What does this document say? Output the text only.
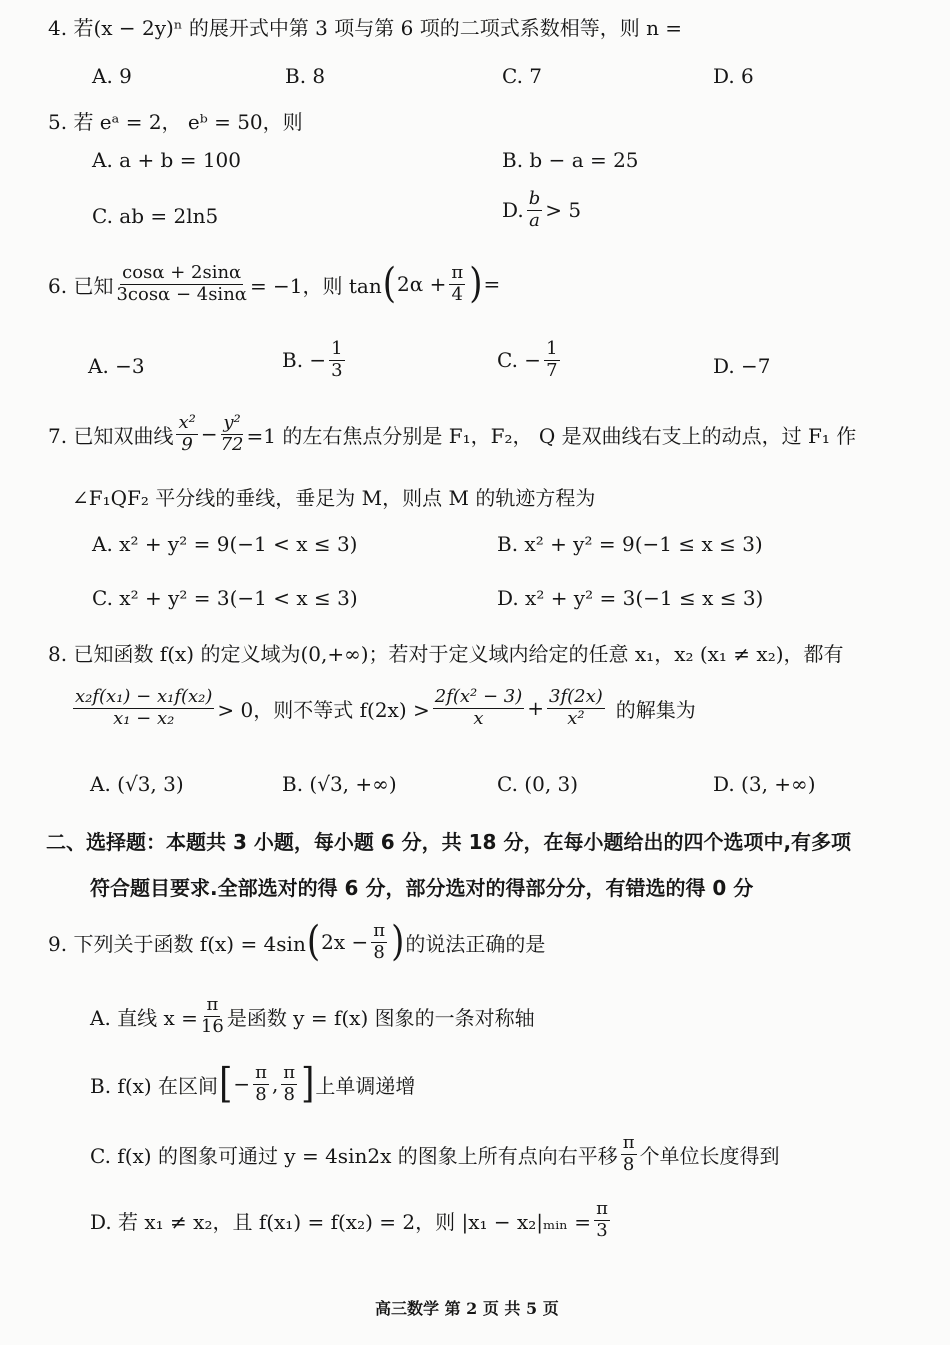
4. 若(x − 2y)ⁿ 的展开式中第 3 项与第 6 项的二项式系数相等，则 n =
A. 9	B. 8	C. 7	D. 6
5. 若 eᵃ = 2， eᵇ = 50，则
A. a + b = 100	B. b − a = 25
C. ab = 2ln5	D. $\frac{b}{a} > 5$
6. 已知 $\frac{\cos\alpha + 2\sin\alpha}{3\cos\alpha - 4\sin\alpha} = -1$，则 tan ( $2\alpha + \frac{\pi}{4}$ ) =
A. −3	B. − $\frac{1}{3}$	C. − $\frac{1}{7}$	D. −7
7. 已知双曲线 $\frac{\text{x²}}{9} - \frac{\text{y²}}{72} =1$ 的左右焦点分别是 F₁，F₂， Q 是双曲线右支上的动点，过 F₁ 作
∠F₁QF₂ 平分线的垂线，垂足为 M，则点 M 的轨迹方程为
A. x² + y² = 9(−1 < x ≤ 3)	B. x² + y² = 9(−1 ≤ x ≤ 3)
C. x² + y² = 3(−1 < x ≤ 3)	D. x² + y² = 3(−1 ≤ x ≤ 3)
8. 已知函数 f(x) 的定义域为(0,+∞)；若对于定义域内给定的任意 x₁，x₂ (x₁ ≠ x₂)，都有
$\frac{\text{x₂f(x₁) − x₁f(x₂)}}{\text{x₁ − x₂}} > 0$，则不等式 $f(2x) > \frac{\text{2f(x² − 3)}}{x} + \frac{3f(2x)}{\text{x²}}$ 的解集为
A. (√3, 3)	B. (√3, +∞)	C. (0, 3)	D. (3, +∞)
二、选择题：本题共 3 小题，每小题 6 分，共 18 分，在每小题给出的四个选项中,有多项
符合题目要求.全部选对的得 6 分，部分选对的得部分分，有错选的得 0 分
9. 下列关于函数 f(x) = 4sin ( $2x - \frac{\pi}{8}$ ) 的说法正确的是
A. 直线 $x = \frac{\pi}{16}$ 是函数 y = f(x) 图象的一条对称轴
B. f(x) 在区间 [ − $\frac{\pi}{8}$ , $\frac{\pi}{8}$ ] 上单调递增
C. f(x) 的图象可通过 y = 4sin2x 的图象上所有点向右平移 $\frac{\pi}{8}$ 个单位长度得到
D. 若 x₁ ≠ x₂，且 f(x₁) = f(x₂) = 2，则 |x₁ − x₂|ₘᵢₙ = $\frac{\pi}{3}$
高三数学 第 2 页 共 5 页
